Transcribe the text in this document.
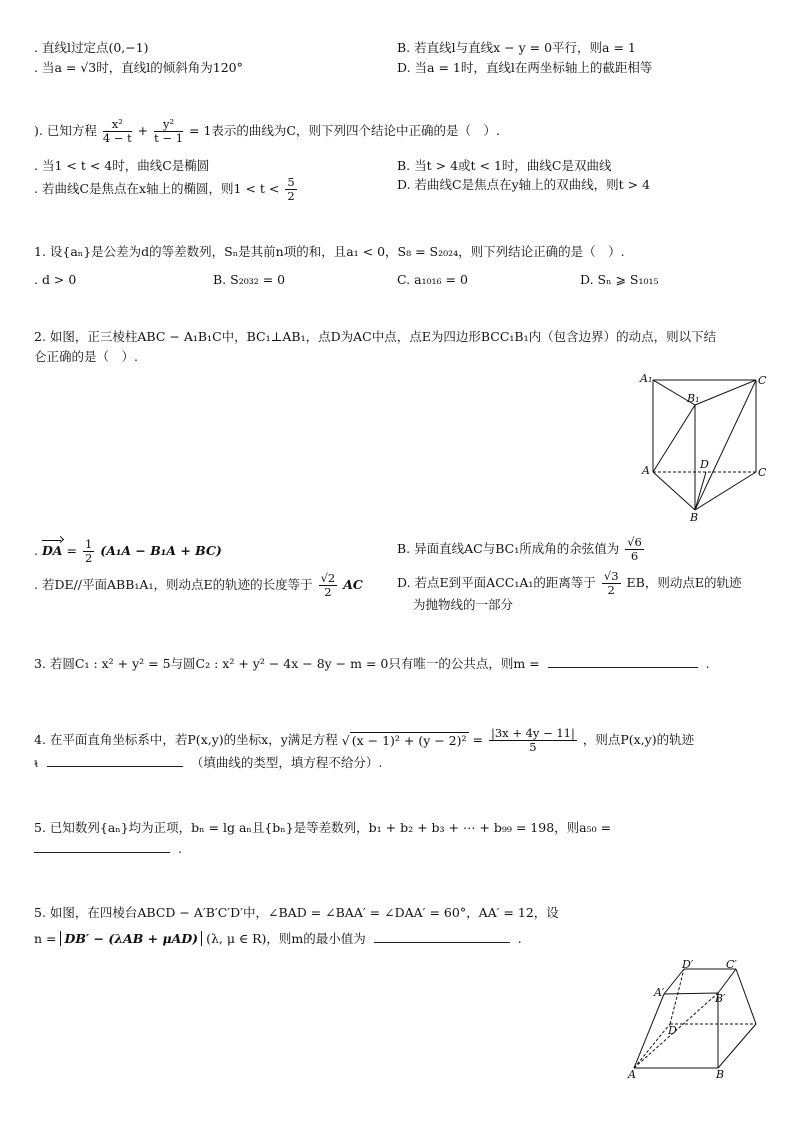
. 直线l过定点(0,−1)	B. 若直线l与直线x − y = 0平行，则a = 1
. 当a = √3时，直线l的倾斜角为120°	D. 当a = 1时，直线l在两坐标轴上的截距相等
). 已知方程 $\frac{\text{x²}}{4 - t} + \frac{\text{y²}}{t - 1} = 1$表示的曲线为C，则下列四个结论中正确的是（　）.
. 当1 < t < 4时，曲线C是椭圆	B. 当t > 4或t < 1时，曲线C是双曲线
. 若曲线C是焦点在x轴上的椭圆，则$1 < t < \frac{5}{2}$	D. 若曲线C是焦点在y轴上的双曲线，则t > 4
1. 设{aₙ}是公差为d的等差数列，Sₙ是其前n项的和，且a₁ < 0，S₈ = S₂₀₂₄，则下列结论正确的是（　）.
. d > 0	B. S₂₀₃₂ = 0	C. a₁₀₁₆ = 0	D. Sₙ ⩾ S₁₀₁₅
2. 如图，正三棱柱ABC − A₁B₁C中，BC₁⊥AB₁，点D为AC中点，点E为四边形BCC₁B₁内（包含边界）的动点，则以下结
仑正确的是（　）.
A₁
B₁
C
A	D
C
B
. DA = $\frac{1}{2} (A_1A - B_1A + BC)$	B. 异面直线AC与BC₁所成角的余弦值为 $\frac{√6}{6}$
. 若DE//平面ABB₁A₁，则动点E的轨迹的长度等于 $\frac{√2}{2}$ AC	D. 若点E到平面ACC₁A₁的距离等于 $\frac{√3}{2}$ EB，则动点E的轨迹
为抛物线的一部分
3. 若圆C₁ : x² + y² = 5与圆C₂ : x² + y² − 4x − 8y − m = 0只有唯一的公共点，则m =	.
4. 在平面直角坐标系中，若P(x,y)的坐标x，y满足方程 √ $(x - 1)^2 + (y - 2)^2 = \frac{|3x + 4y - 11|}{5}$ ，则点P(x,y)的轨迹
ᵼ	（填曲线的类型，填方程不给分）.
5. 已知数列{aₙ}均为正项，bₙ = lg aₙ且{bₙ}是等差数列，b₁ + b₂ + b₃ + ⋯ + b₉₉ = 198，则a₅₀ =
.
5. 如图，在四棱台ABCD − A′B′C′D′中，∠BAD = ∠BAA′ = ∠DAA′ = 60°，AA′ = 12，设
n = DB′ − (λAB + μAD) (λ, μ ∈ R)，则m的最小值为	.
D′	C′
A′	B′
D
A	B
